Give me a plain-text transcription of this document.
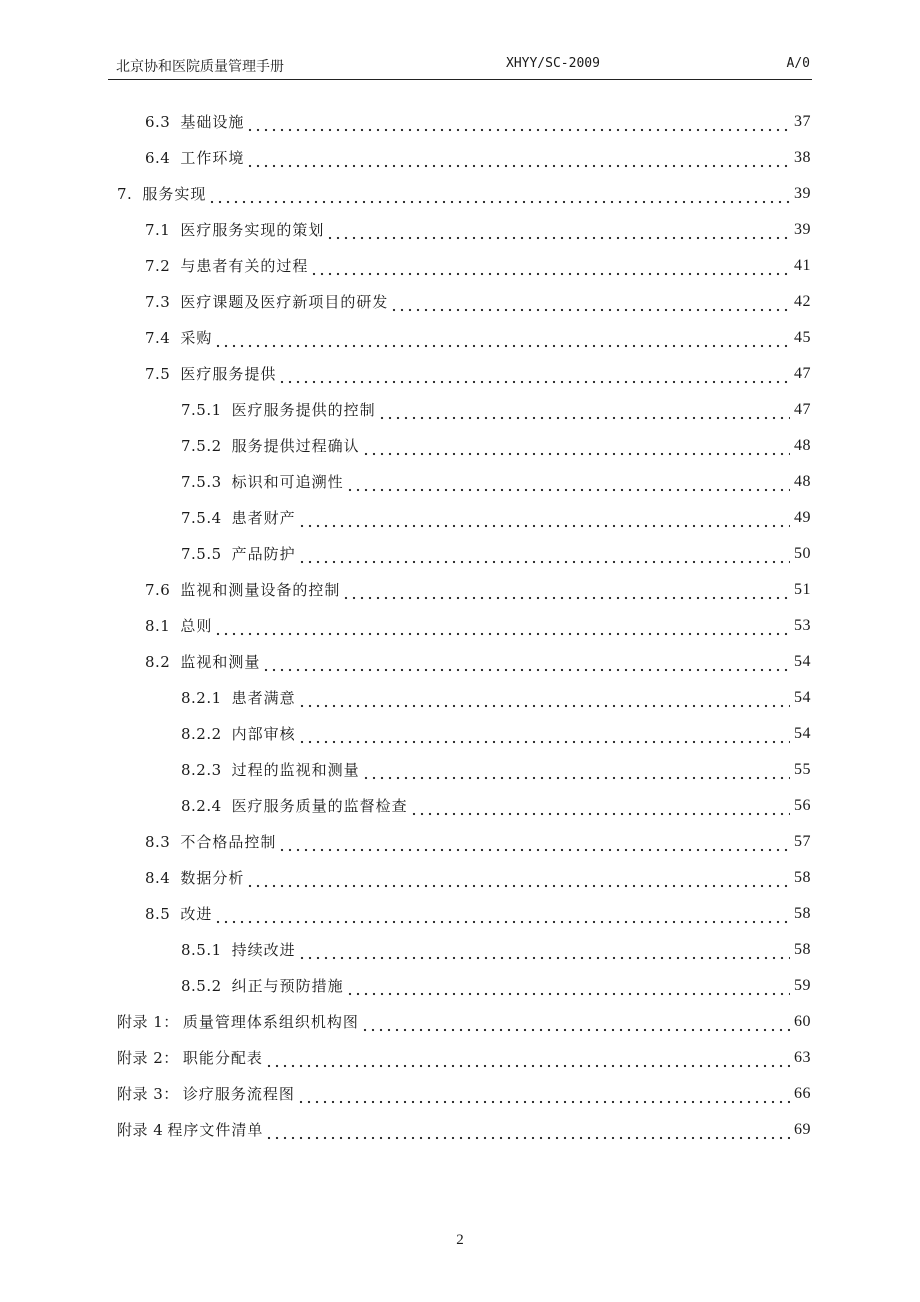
北京协和医院质量管理手册	XHYY/SC-2009	A/0
6.3 基础设施	37
6.4 工作环境	38
7. 服务实现	39
7.1 医疗服务实现的策划	39
7.2 与患者有关的过程	41
7.3 医疗课题及医疗新项目的研发	42
7.4 采购	45
7.5 医疗服务提供	47
7.5.1 医疗服务提供的控制	47
7.5.2 服务提供过程确认	48
7.5.3 标识和可追溯性	48
7.5.4 患者财产	49
7.5.5 产品防护	50
7.6 监视和测量设备的控制	51
8.1 总则	53
8.2 监视和测量	54
8.2.1 患者满意	54
8.2.2 内部审核	54
8.2.3 过程的监视和测量	55
8.2.4 医疗服务质量的监督检查	56
8.3 不合格品控制	57
8.4 数据分析	58
8.5 改进	58
8.5.1 持续改进	58
8.5.2 纠正与预防措施	59
附录 1： 质量管理体系组织机构图	60
附录 2： 职能分配表	63
附录 3： 诊疗服务流程图	66
附录 4 程序文件清单	69
2
